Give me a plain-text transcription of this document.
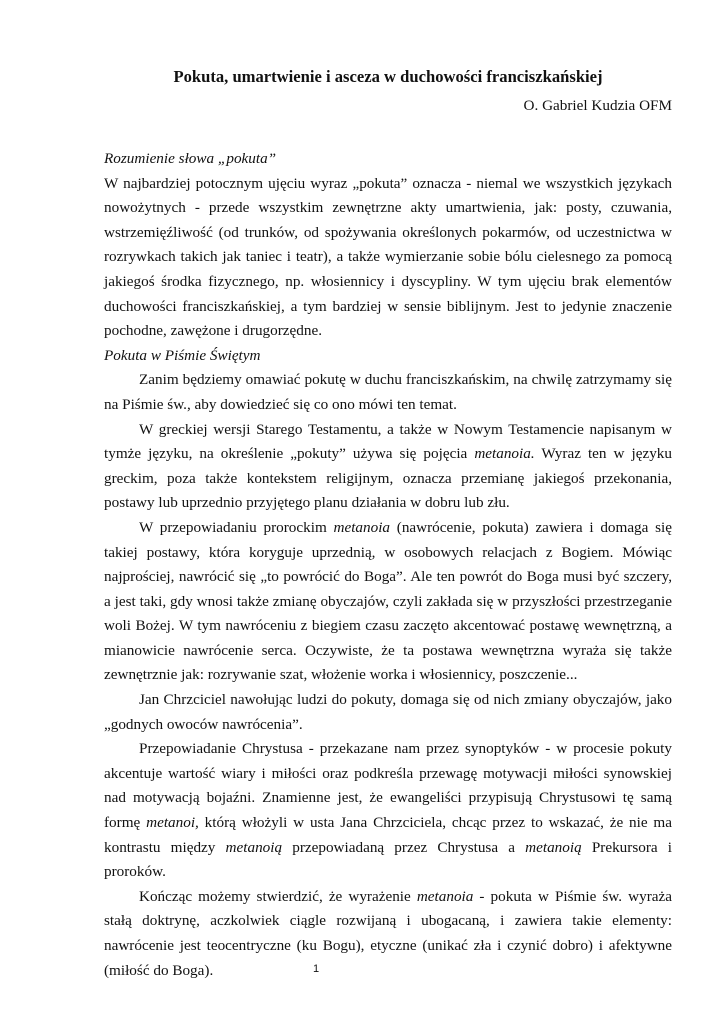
Pokuta, umartwienie i asceza w duchowości franciszkańskiej

O. Gabriel Kudzia OFM

Rozumienie słowa „pokuta”

W najbardziej potocznym ujęciu wyraz „pokuta” oznacza - niemal we wszystkich językach nowożytnych - przede wszystkim zewnętrzne akty umartwienia, jak: posty, czuwania, wstrzemięźliwość (od trunków, od spożywania określonych pokarmów, od uczestnictwa w rozrywkach takich jak taniec i teatr), a także wymierzanie sobie bólu cielesnego za pomocą jakiegoś środka fizycznego, np. włosiennicy i dyscypliny. W tym ujęciu brak elementów duchowości franciszkańskiej, a tym bardziej w sensie biblijnym. Jest to jedynie znaczenie pochodne, zawężone i drugorzędne.

Pokuta w Piśmie Świętym

Zanim będziemy omawiać pokutę w duchu franciszkańskim, na chwilę zatrzymamy się na Piśmie św., aby dowiedzieć się co ono mówi ten temat.

W greckiej wersji Starego Testamentu, a także w Nowym Testamencie napisanym w tymże języku, na określenie „pokuty” używa się pojęcia metanoia. Wyraz ten w języku greckim, poza także kontekstem religijnym, oznacza przemianę jakiegoś przekonania, postawy lub uprzednio przyjętego planu działania w dobru lub złu.

W przepowiadaniu prorockim metanoia (nawrócenie, pokuta) zawiera i domaga się takiej postawy, która koryguje uprzednią, w osobowych relacjach z Bogiem. Mówiąc najprościej, nawrócić się „to powrócić do Boga”. Ale ten powrót do Boga musi być szczery, a jest taki, gdy wnosi także zmianę obyczajów, czyli zakłada się w przyszłości przestrzeganie woli Bożej. W tym nawróceniu z biegiem czasu zaczęto akcentować postawę wewnętrzną, a mianowicie nawrócenie serca. Oczywiste, że ta postawa wewnętrzna wyraża się także zewnętrznie jak: rozrywanie szat, włożenie worka i włosiennicy, poszczenie...

Jan Chrzciciel nawołując ludzi do pokuty, domaga się od nich zmiany obyczajów, jako „godnych owoców nawrócenia”.

Przepowiadanie Chrystusa - przekazane nam przez synoptyków - w procesie pokuty akcentuje wartość wiary i miłości oraz podkreśla przewagę motywacji miłości synowskiej nad motywacją bojaźni. Znamienne jest, że ewangeliści przypisują Chrystusowi tę samą formę metanoi, którą włożyli w usta Jana Chrzciciela, chcąc przez to wskazać, że nie ma kontrastu między metanoią przepowiadaną przez Chrystusa a metanoią Prekursora i proroków.

Kończąc możemy stwierdzić, że wyrażenie metanoia - pokuta w Piśmie św. wyraża stałą doktrynę, aczkolwiek ciągle rozwijaną i ubogacaną, i zawiera takie elementy: nawrócenie jest teocentryczne (ku Bogu), etyczne (unikać zła i czynić dobro) i afektywne (miłość do Boga).	1
